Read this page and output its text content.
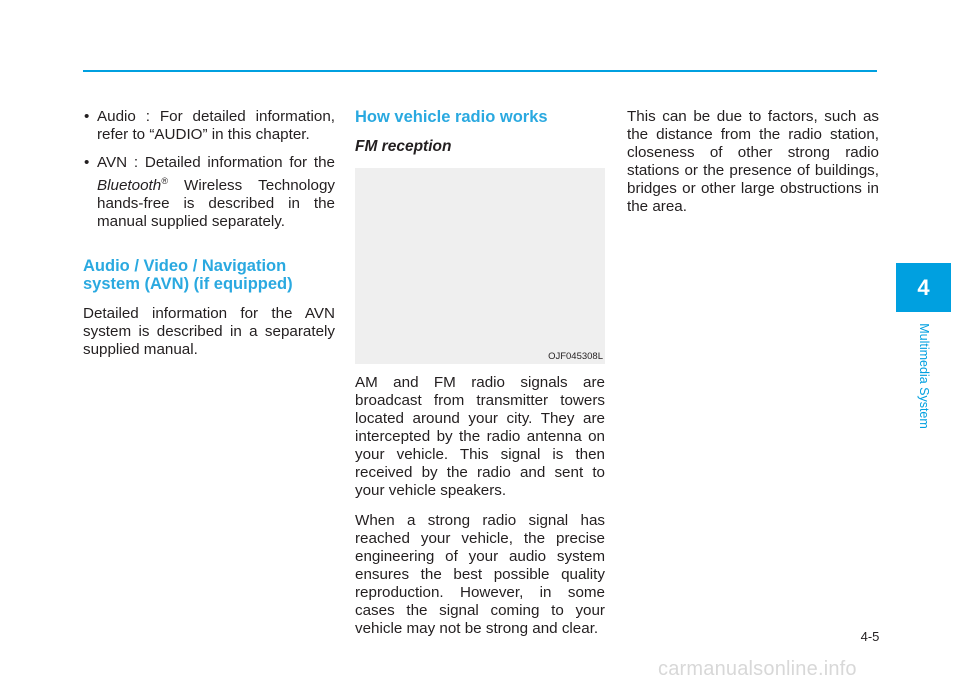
• Audio : For detailed information, refer to “AUDIO” in this chapter.
• AVN : Detailed information for the Bluetooth® Wireless Technology hands-free is described in the manual supplied separately.
Audio / Video / Navigation system (AVN) (if equipped)

Detailed information for the AVN system is described in a separately supplied manual.

How vehicle radio works
FM reception
OJF045308L

AM and FM radio signals are broadcast from transmitter towers located around your city. They are intercepted by the radio antenna on your vehicle. This signal is then received by the radio and sent to your vehicle speakers.

When a strong radio signal has reached your vehicle, the precise engineering of your audio system ensures the best possible quality reproduction. However, in some cases the signal coming to your vehicle may not be strong and clear.

This can be due to factors, such as the distance from the radio station, closeness of other strong radio stations or the presence of buildings, bridges or other large obstructions in the area.

4
Multimedia System
4-5
carmanualsonline.info
